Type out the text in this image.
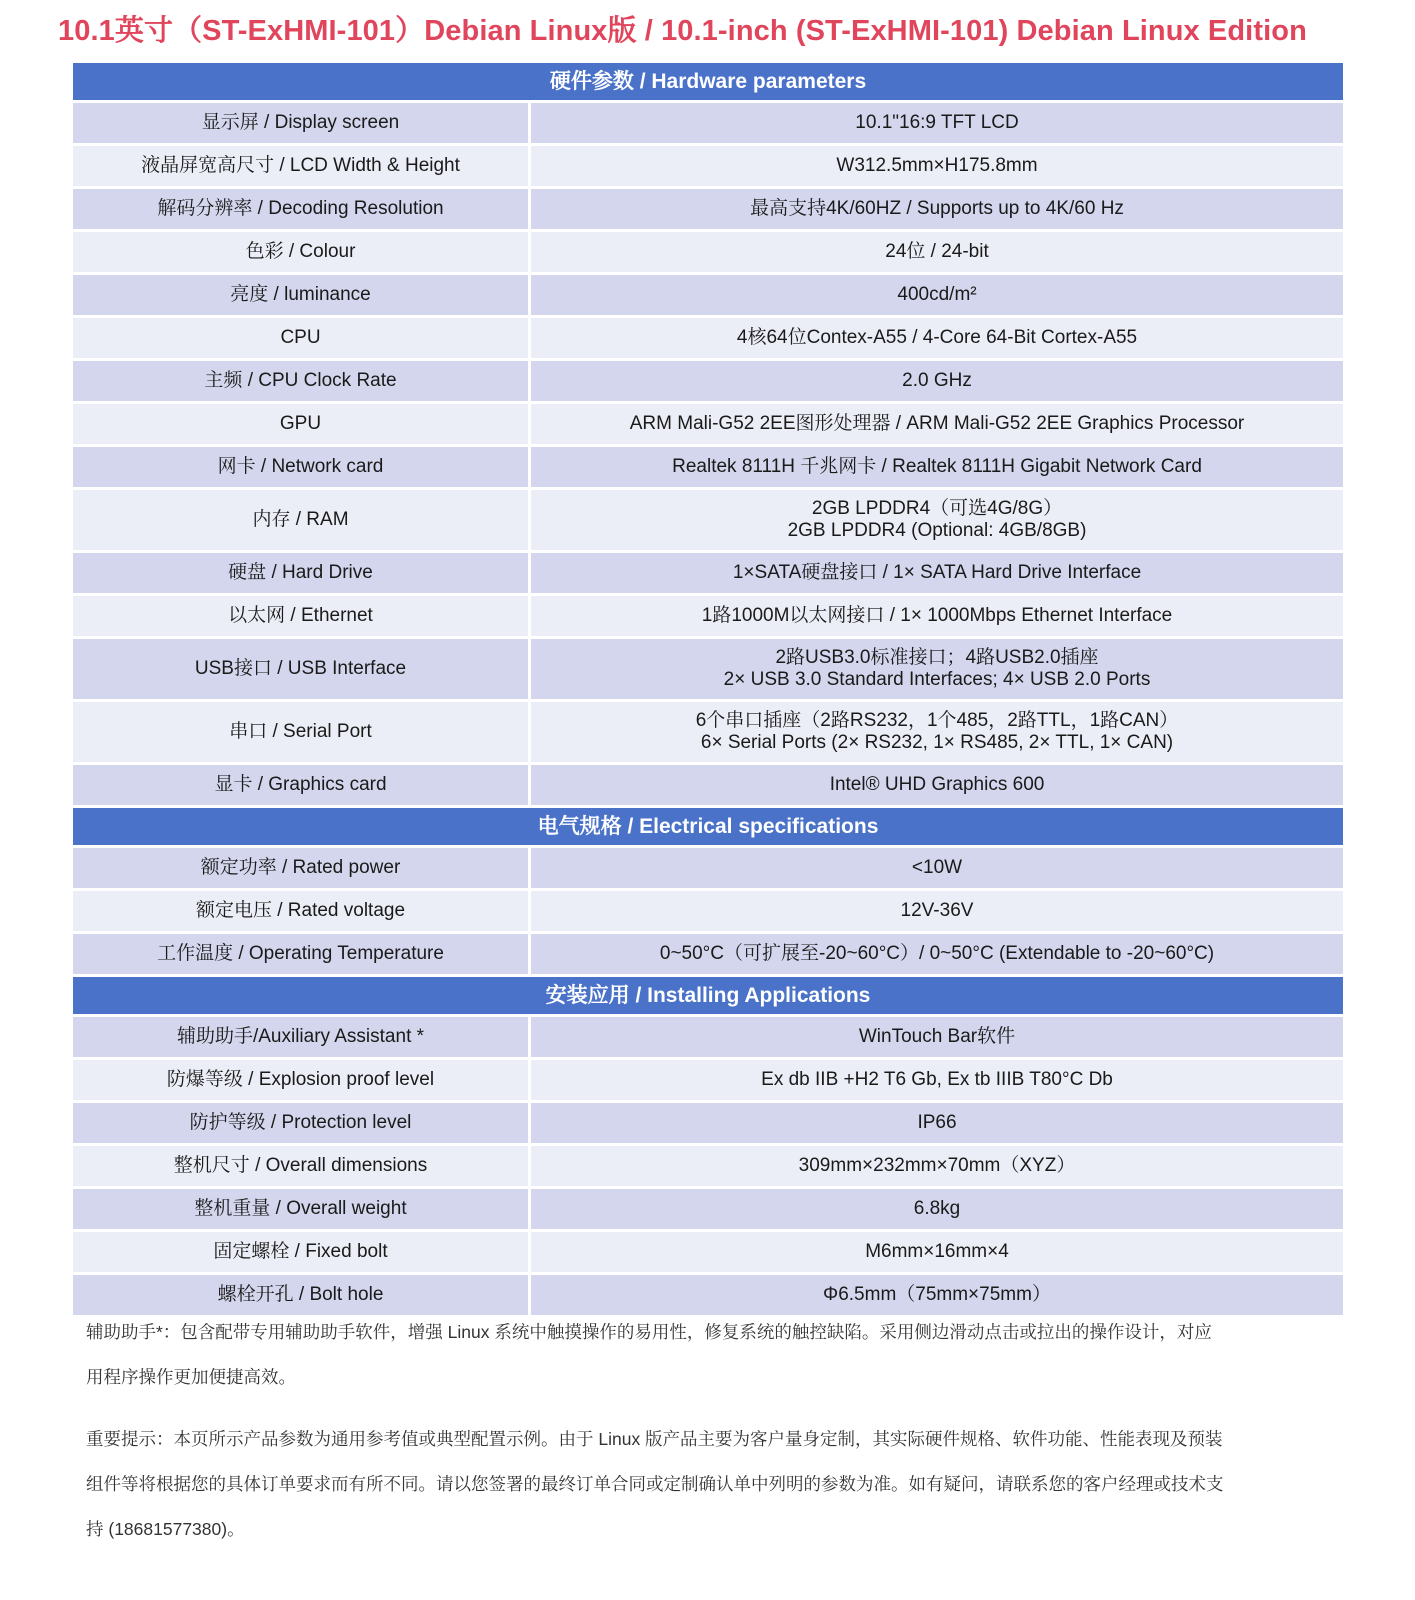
10.1英寸（ST-ExHMI-101）Debian Linux版 / 10.1-inch (ST-ExHMI-101) Debian Linux Edition
硬件参数 / Hardware parameters	
显示屏 / Display screen	10.1"16:9 TFT LCD
液晶屏宽高尺寸 / LCD Width & Height	W312.5mm×H175.8mm
解码分辨率 / Decoding Resolution	最高支持4K/60HZ / Supports up to 4K/60 Hz
色彩 / Colour	24位 / 24-bit
亮度 / luminance	400cd/m²
CPU	4核64位Contex-A55 / 4-Core 64-Bit Cortex-A55
主频 / CPU Clock Rate	2.0 GHz
GPU	ARM Mali-G52 2EE图形处理器 / ARM Mali-G52 2EE Graphics Processor
网卡 / Network card	Realtek 8111H 千兆网卡 / Realtek 8111H Gigabit Network Card
内存 / RAM	2GB LPDDR4（可选4G/8G）
2GB LPDDR4 (Optional: 4GB/8GB)

硬盘 / Hard Drive	1×SATA硬盘接口 / 1× SATA Hard Drive Interface
以太网 / Ethernet	1路1000M以太网接口 / 1× 1000Mbps Ethernet Interface
USB接口 / USB Interface	2路USB3.0标准接口；4路USB2.0插座
2× USB 3.0 Standard Interfaces; 4× USB 2.0 Ports

串口 / Serial Port	6个串口插座（2路RS232，1个485，2路TTL，1路CAN）
6× Serial Ports (2× RS232, 1× RS485, 2× TTL, 1× CAN)

显卡 / Graphics card	Intel® UHD Graphics 600
电气规格 / Electrical specifications	
额定功率 / Rated power	<10W
额定电压 / Rated voltage	12V-36V
工作温度 / Operating Temperature	0~50°C（可扩展至-20~60°C）/ 0~50°C (Extendable to -20~60°C)
安装应用 / Installing Applications	
辅助助手/Auxiliary Assistant *	WinTouch Bar软件
防爆等级 / Explosion proof level	Ex db IIB +H2 T6 Gb, Ex tb IIIB T80°C Db
防护等级 / Protection level	IP66
整机尺寸 / Overall dimensions	309mm×232mm×70mm（XYZ）
整机重量 / Overall weight	6.8kg
固定螺栓 / Fixed bolt	M6mm×16mm×4
螺栓开孔 / Bolt hole	Φ6.5mm（75mm×75mm）

辅助助手*：包含配带专用辅助助手软件，增强 Linux 系统中触摸操作的易用性，修复系统的触控缺陷。采用侧边滑动点击或拉出的操作设计，对应

用程序操作更加便捷高效。

重要提示：本页所示产品参数为通用参考值或典型配置示例。由于 Linux 版产品主要为客户量身定制，其实际硬件规格、软件功能、性能表现及预装

组件等将根据您的具体订单要求而有所不同。请以您签署的最终订单合同或定制确认单中列明的参数为准。如有疑问，请联系您的客户经理或技术支

持 (18681577380)。
